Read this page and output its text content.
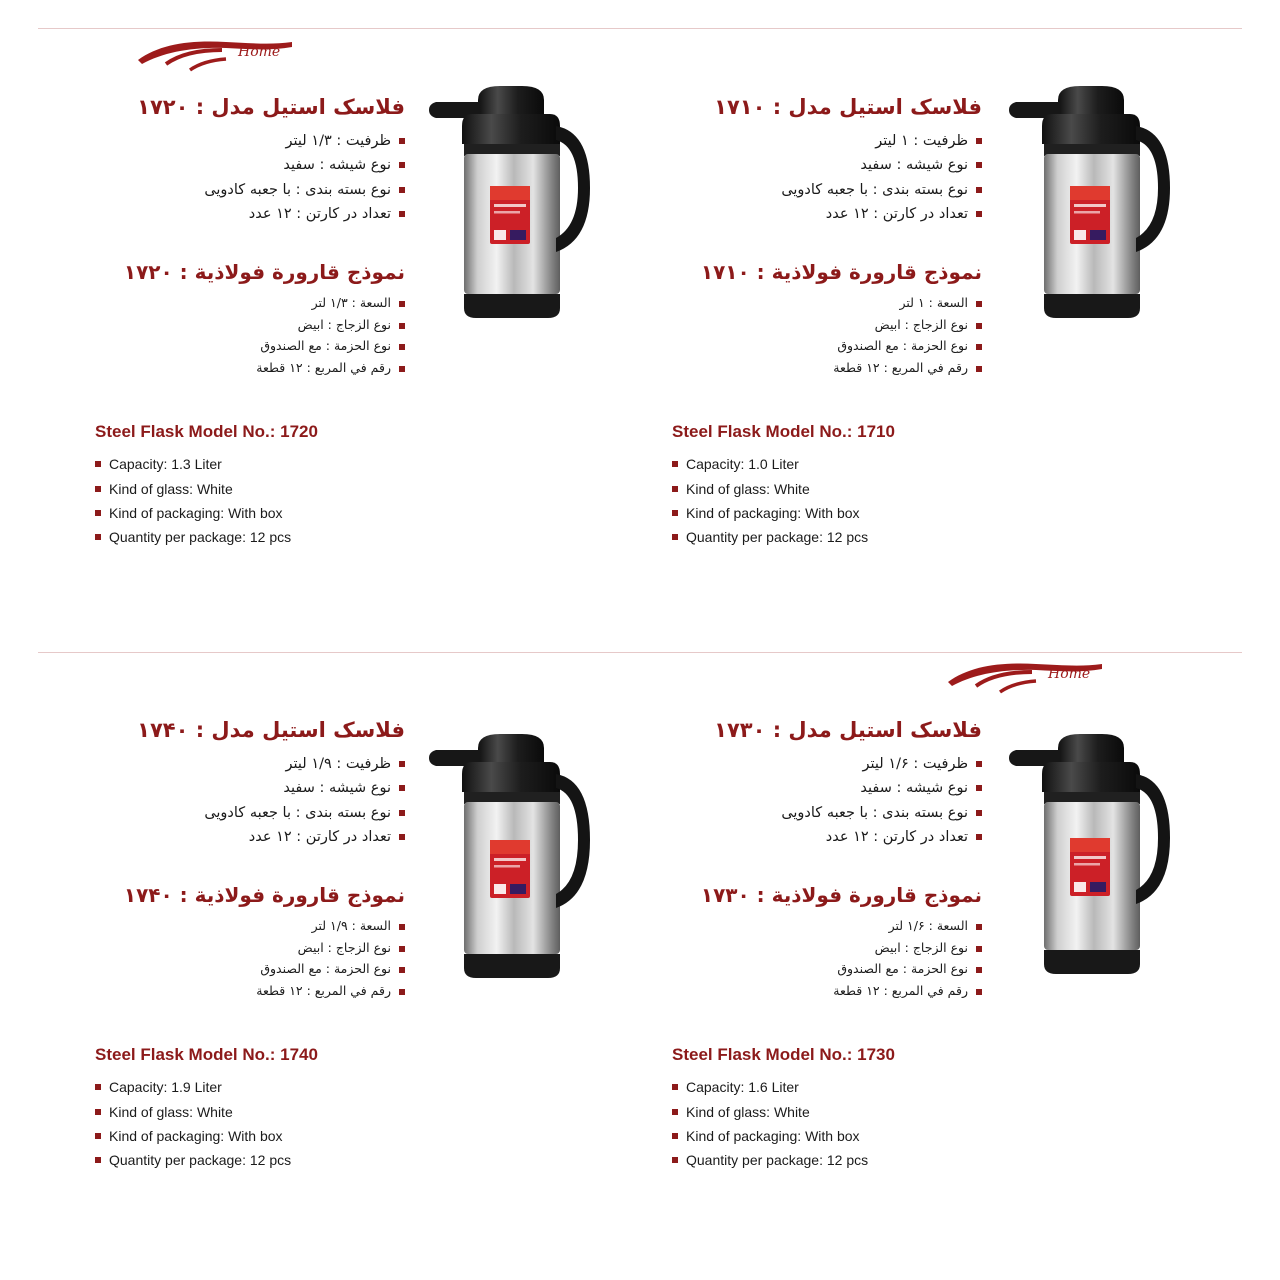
Home
فلاسک استیل مدل : ۱۷۲۰
ظرفیت : ۱/۳ لیتر
نوع شیشه : سفید
نوع بسته بندی : با جعبه کادویی
تعداد در کارتن : ۱۲ عدد
نموذج قارورة فولاذية : ۱۷۲۰
السعة : ۱/۳ لتر
نوع الزجاج : ابيض
نوع الحزمة : مع الصندوق
رقم في المربع : ۱۲ قطعة
Steel Flask Model No.: 1720
Capacity: 1.3 Liter
Kind of glass: White
Kind of packaging: With box
Quantity per package: 12 pcs
فلاسک استیل مدل : ۱۷۱۰
ظرفیت : ۱ لیتر
نوع شیشه : سفید
نوع بسته بندی : با جعبه کادویی
تعداد در کارتن : ۱۲ عدد
نموذج قارورة فولاذية : ۱۷۱۰
السعة : ۱ لتر
نوع الزجاج : ابيض
نوع الحزمة : مع الصندوق
رقم في المربع : ۱۲ قطعة
Steel Flask Model No.: 1710
Capacity: 1.0 Liter
Kind of glass: White
Kind of packaging: With box
Quantity per package: 12 pcs
Home
فلاسک استیل مدل : ۱۷۴۰
ظرفیت : ۱/۹ لیتر
نوع شیشه : سفید
نوع بسته بندی : با جعبه کادویی
تعداد در کارتن : ۱۲ عدد
نموذج قارورة فولاذية : ۱۷۴۰
السعة : ۱/۹ لتر
نوع الزجاج : ابيض
نوع الحزمة : مع الصندوق
رقم في المربع : ۱۲ قطعة
Steel Flask Model No.: 1740
Capacity: 1.9 Liter
Kind of glass: White
Kind of packaging: With box
Quantity per package: 12 pcs
فلاسک استیل مدل : ۱۷۳۰
ظرفیت : ۱/۶ لیتر
نوع شیشه : سفید
نوع بسته بندی : با جعبه کادویی
تعداد در کارتن : ۱۲ عدد
نموذج قارورة فولاذية : ۱۷۳۰
السعة : ۱/۶ لتر
نوع الزجاج : ابيض
نوع الحزمة : مع الصندوق
رقم في المربع : ۱۲ قطعة
Steel Flask Model No.: 1730
Capacity: 1.6 Liter
Kind of glass: White
Kind of packaging: With box
Quantity per package: 12 pcs
